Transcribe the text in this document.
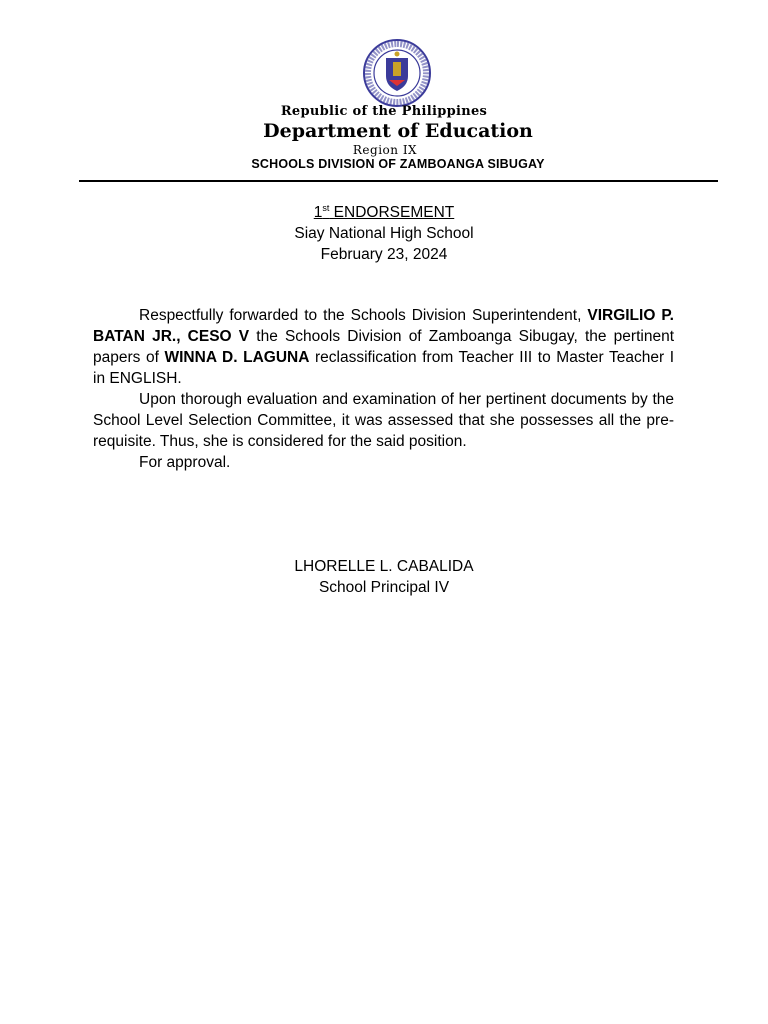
Republic of the Philippines
Department of Education
Region IX
SCHOOLS DIVISION OF ZAMBOANGA SIBUGAY
1st ENDORSEMENT
Siay National High School
February 23, 2024

Respectfully forwarded to the Schools Division Superintendent, VIRGILIO P. BATAN JR., CESO V the Schools Division of Zamboanga Sibugay, the pertinent papers of WINNA D. LAGUNA reclassification from Teacher III to Master Teacher I in ENGLISH.

Upon thorough evaluation and examination of her pertinent documents by the School Level Selection Committee, it was assessed that she possesses all the pre-requisite. Thus, she is considered for the said position.

For approval.

LHORELLE L. CABALIDA
School Principal IV
